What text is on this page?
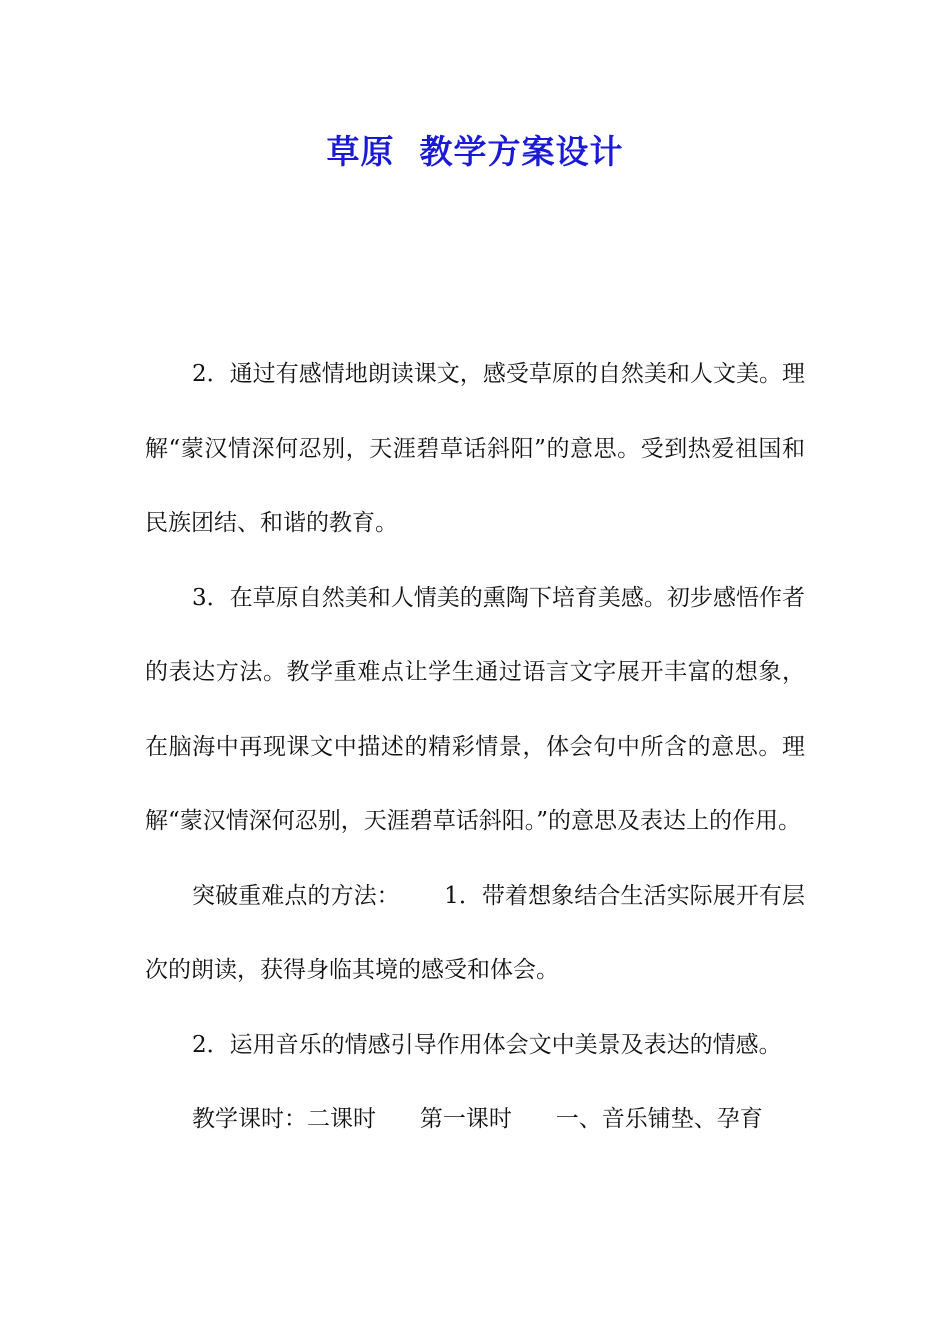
草原  教学方案设计

2．通过有感情地朗读课文，感受草原的自然美和人文美。理解“蒙汉情深何忍别，天涯碧草话斜阳”的意思。受到热爱祖国和民族团结、和谐的教育。

3．在草原自然美和人情美的熏陶下培育美感。初步感悟作者的表达方法。教学重难点让学生通过语言文字展开丰富的想象，在脑海中再现课文中描述的精彩情景，体会句中所含的意思。理解“蒙汉情深何忍别，天涯碧草话斜阳。”的意思及表达上的作用。

突破重难点的方法：      1．带着想象结合生活实际展开有层次的朗读，获得身临其境的感受和体会。

2．运用音乐的情感引导作用体会文中美景及表达的情感。

教学课时：二课时      第一课时      一、音乐铺垫、孕育
